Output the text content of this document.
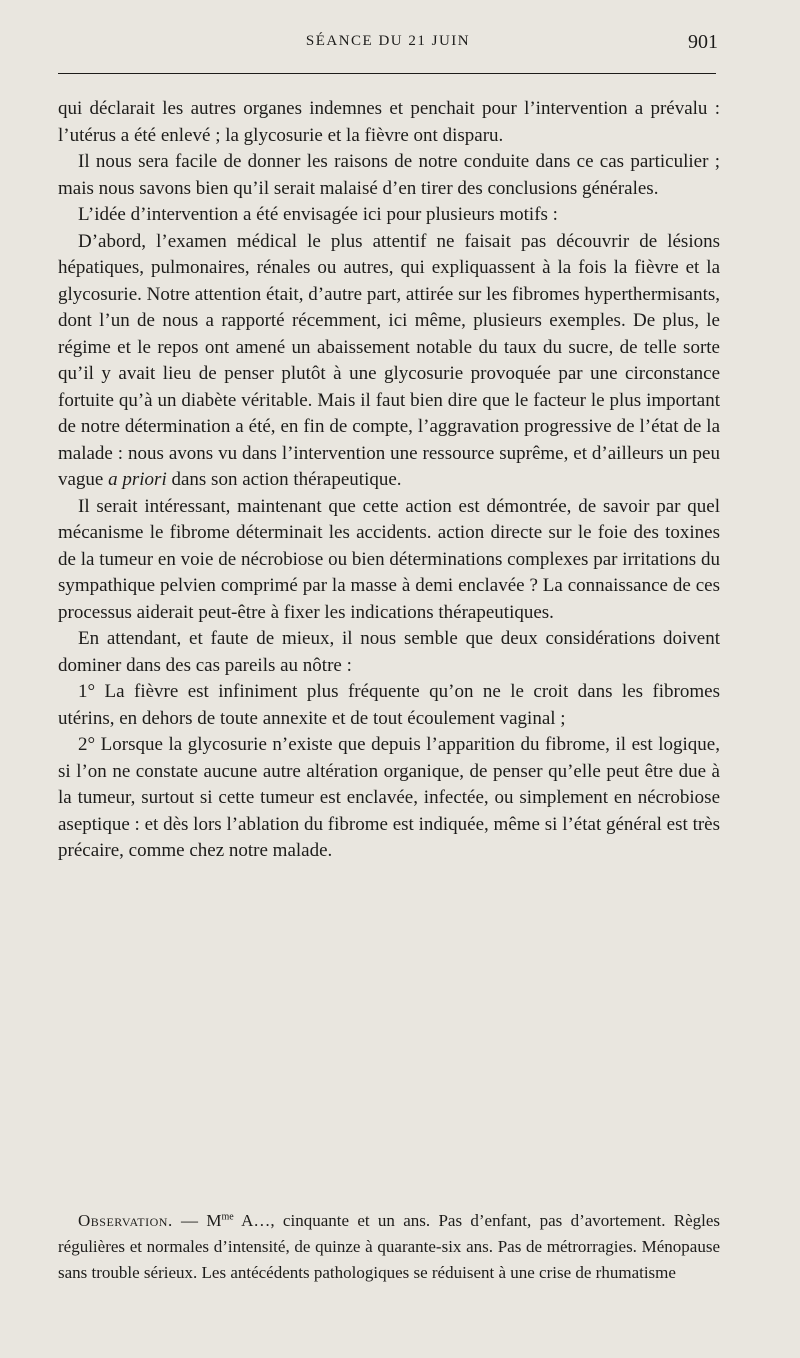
SÉANCE DU 21 JUIN	901

qui déclarait les autres organes indemnes et penchait pour l’intervention a prévalu : l’utérus a été enlevé ; la glycosurie et la fièvre ont disparu.

Il nous sera facile de donner les raisons de notre conduite dans ce cas particulier ; mais nous savons bien qu’il serait malaisé d’en tirer des conclusions générales.

L’idée d’intervention a été envisagée ici pour plusieurs motifs :

D’abord, l’examen médical le plus attentif ne faisait pas découvrir de lésions hépatiques, pulmonaires, rénales ou autres, qui expliquassent à la fois la fièvre et la glycosurie. Notre attention était, d’autre part, attirée sur les fibromes hyperthermisants, dont l’un de nous a rapporté récemment, ici même, plusieurs exemples. De plus, le régime et le repos ont amené un abaissement notable du taux du sucre, de telle sorte qu’il y avait lieu de penser plutôt à une glycosurie provoquée par une circonstance fortuite qu’à un diabète véritable. Mais il faut bien dire que le facteur le plus important de notre détermination a été, en fin de compte, l’aggravation progressive de l’état de la malade : nous avons vu dans l’intervention une ressource suprême, et d’ailleurs un peu vague a priori dans son action thérapeutique.

Il serait intéressant, maintenant que cette action est démontrée, de savoir par quel mécanisme le fibrome déterminait les accidents. action directe sur le foie des toxines de la tumeur en voie de nécrobiose ou bien déterminations complexes par irritations du sympathique pelvien comprimé par la masse à demi enclavée ? La connaissance de ces processus aiderait peut-être à fixer les indications thérapeutiques.

En attendant, et faute de mieux, il nous semble que deux considérations doivent dominer dans des cas pareils au nôtre :

1° La fièvre est infiniment plus fréquente qu’on ne le croit dans les fibromes utérins, en dehors de toute annexite et de tout écoulement vaginal ;

2° Lorsque la glycosurie n’existe que depuis l’apparition du fibrome, il est logique, si l’on ne constate aucune autre altération organique, de penser qu’elle peut être due à la tumeur, surtout si cette tumeur est enclavée, infectée, ou simplement en nécrobiose aseptique : et dès lors l’ablation du fibrome est indiquée, même si l’état général est très précaire, comme chez notre malade.

Observation. — $M^{me}$ A…, cinquante et un ans. Pas d’enfant, pas d’avortement. Règles régulières et normales d’intensité, de quinze à quarante-six ans. Pas de métrorragies. Ménopause sans trouble sérieux. Les antécédents pathologiques se réduisent à une crise de rhumatisme
